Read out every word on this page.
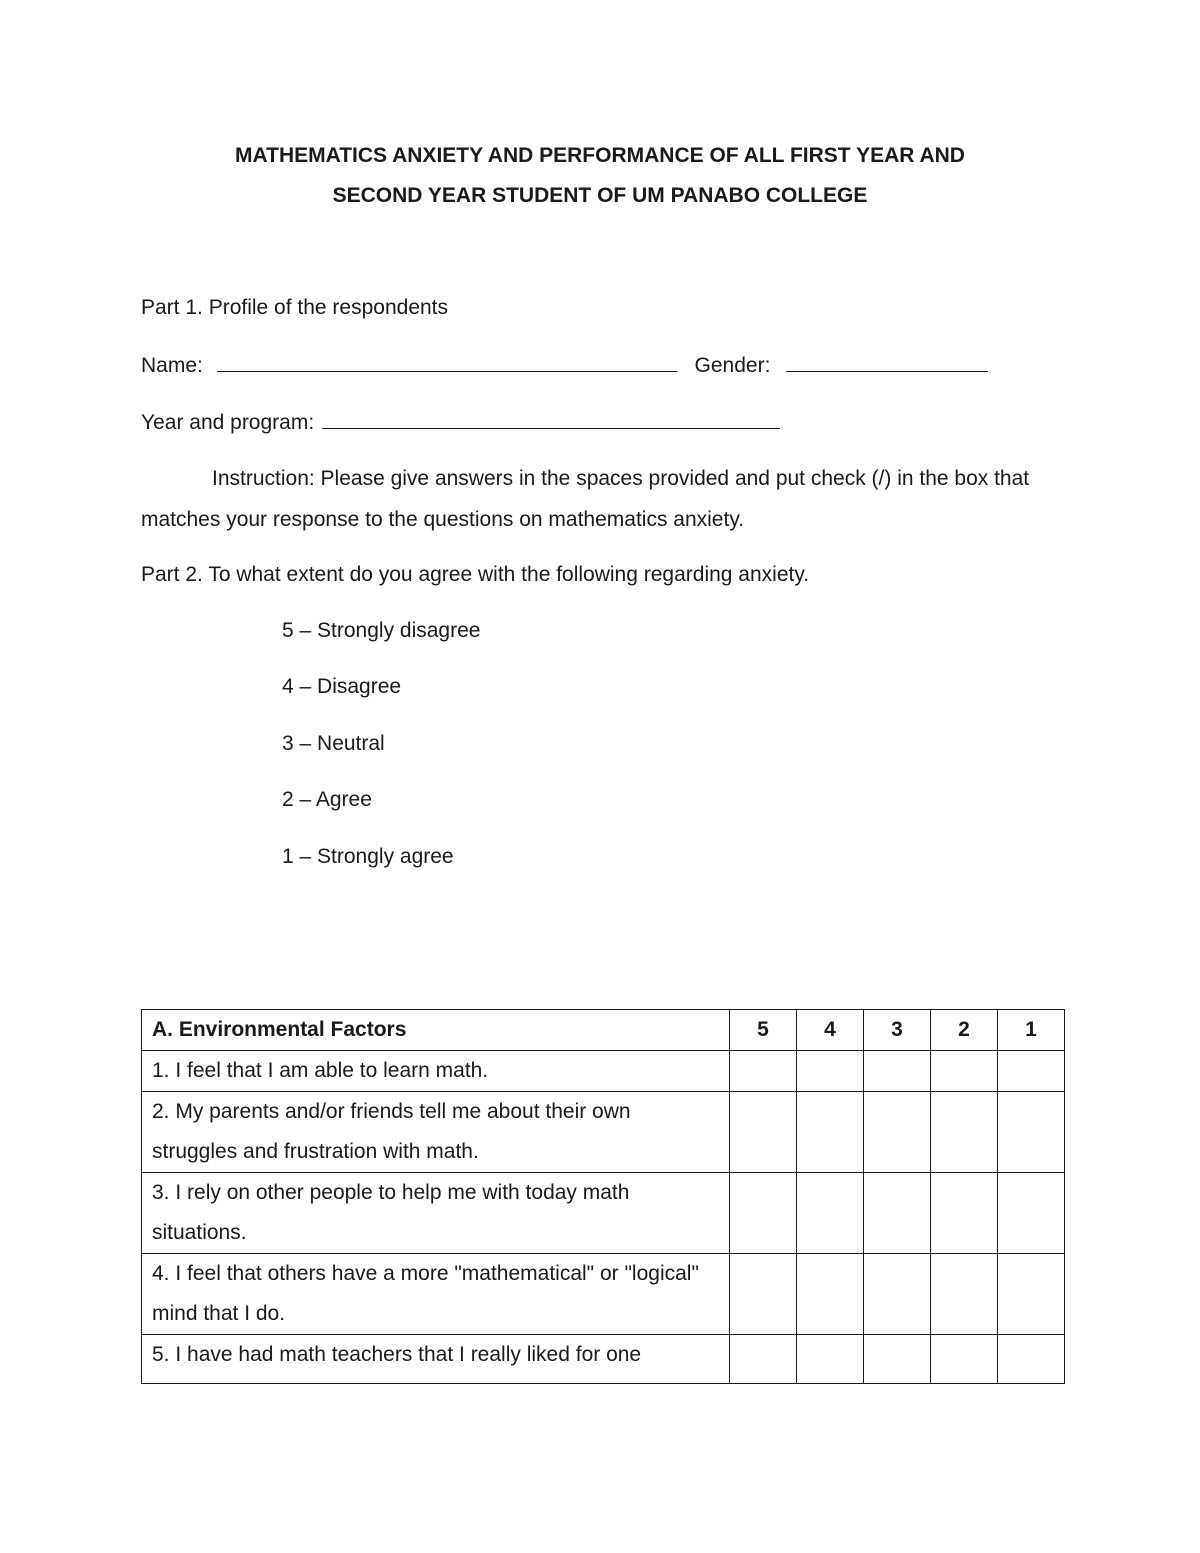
MATHEMATICS ANXIETY AND PERFORMANCE OF ALL FIRST YEAR AND
SECOND YEAR STUDENT OF UM PANABO COLLEGE
Part 1. Profile of the respondents
Name:	Gender:
Year and program:
Instruction: Please give answers in the spaces provided and put check (/) in the box that matches your response to the questions on mathematics anxiety.
Part 2. To what extent do you agree with the following regarding anxiety.
5 – Strongly disagree
4 – Disagree
3 – Neutral
2 – Agree
1 – Strongly agree
A. Environmental Factors	5	4	3	2	1
1. I feel that I am able to learn math.					
2. My parents and/or friends tell me about their own struggles and frustration with math.					
3. I rely on other people to help me with today math situations.					
4. I feel that others have a more "mathematical" or "logical" mind that I do.					
5. I have had math teachers that I really liked for one					
